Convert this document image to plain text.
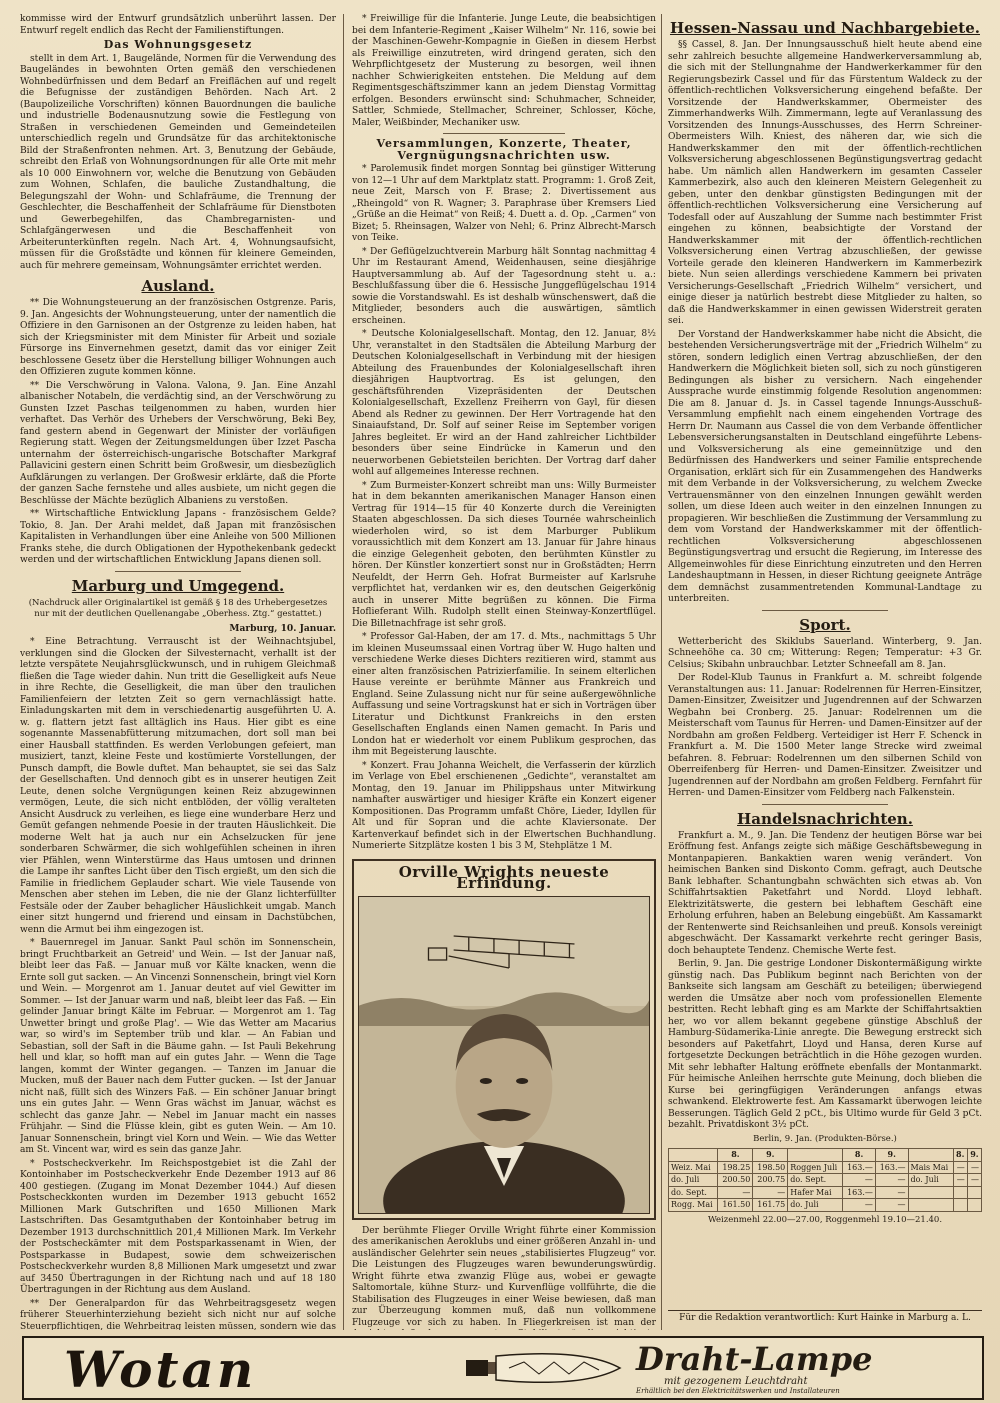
kommisse wird der Entwurf grundsätzlich unberührt lassen. Der Entwurf regelt endlich das Recht der Familienstiftungen.

Das Wohnungsgesetz

stellt in dem Art. 1, Baugelände, Normen für die Verwendung des Baugeländes in bewohnten Orten gemäß den verschiedenen Wohnbedürfnissen und dem Bedarf an Freiflächen auf und regelt die Befugnisse der zuständigen Behörden. Nach Art. 2 (Baupolizeiliche Vorschriften) können Bauordnungen die bauliche und industrielle Bodenausnutzung sowie die Festlegung von Straßen in verschiedenen Gemeinden und Gemeindeteilen unterschiedlich regeln und Grundsätze für das architektonische Bild der Straßenfronten nehmen. Art. 3, Benutzung der Gebäude, schreibt den Erlaß von Wohnungsordnungen für alle Orte mit mehr als 10 000 Einwohnern vor, welche die Benutzung von Gebäuden zum Wohnen, Schlafen, die bauliche Zustandhaltung, die Belegungszahl der Wohn- und Schlafräume, die Trennung der Geschlechter, die Beschaffenheit der Schlafräume für Dienstboten und Gewerbegehilfen, das Chambregarnisten- und Schlafgängerwesen und die Beschaffenheit von Arbeiterunterkünften regeln. Nach Art. 4, Wohnungsaufsicht, müssen für die Großstädte und können für kleinere Gemeinden, auch für mehrere gemeinsam, Wohnungsämter errichtet werden.

Ausland.

** Die Wohnungsteuerung an der französischen Ostgrenze. Paris, 9. Jan. Angesichts der Wohnungsteuerung, unter der namentlich die Offiziere in den Garnisonen an der Ostgrenze zu leiden haben, hat sich der Kriegsminister mit dem Minister für Arbeit und soziale Fürsorge ins Einvernehmen gesetzt, damit das vor einiger Zeit beschlossene Gesetz über die Herstellung billiger Wohnungen auch den Offizieren zugute kommen könne.

** Die Verschwörung in Valona. Valona, 9. Jan. Eine Anzahl albanischer Notabeln, die verdächtig sind, an der Verschwörung zu Gunsten Izzet Paschas teilgenommen zu haben, wurden hier verhaftet. Das Verhör des Urhebers der Verschwörung, Beki Bey, fand gestern abend in Gegenwart der Minister der vorläufigen Regierung statt. Wegen der Zeitungsmeldungen über Izzet Pascha unternahm der österreichisch-ungarische Botschafter Markgraf Pallavicini gestern einen Schritt beim Großwesir, um diesbezüglich Aufklärungen zu verlangen. Der Großwesir erklärte, daß die Pforte der ganzen Sache fernstehe und alles ausbiete, um nicht gegen die Beschlüsse der Mächte bezüglich Albaniens zu verstoßen.

** Wirtschaftliche Entwicklung Japans - französischem Gelde? Tokio, 8. Jan. Der Arahi meldet, daß Japan mit französischen Kapitalisten in Verhandlungen über eine Anleihe von 500 Millionen Franks stehe, die durch Obligationen der Hypothekenbank gedeckt werden und der wirtschaftlichen Entwicklung Japans dienen soll.

Marburg und Umgegend.
(Nachdruck aller Originalartikel ist gemäß § 18 des Urhebergesetzes nur mit der deutlichen Quellenangabe „Oberhess. Ztg.“ gestattet.)
Marburg, 10. Januar.

* Eine Betrachtung. Verrauscht ist der Weihnachtsjubel, verklungen sind die Glocken der Silvesternacht, verhallt ist der letzte verspätete Neujahrsglückwunsch, und in ruhigem Gleichmaß fließen die Tage wieder dahin. Nun tritt die Geselligkeit aufs Neue in ihre Rechte, die Geselligkeit, die man über den traulichen Familienfeiern der letzten Zeit so gern vernachlässigt hatte. Einladungskarten mit dem in verschiedenartig ausgeführten U. A. w. g. flattern jetzt fast alltäglich ins Haus. Hier gibt es eine sogenannte Massenabfütterung mitzumachen, dort soll man bei einer Hausball stattfinden. Es werden Verlobungen gefeiert, man musiziert, tanzt, kleine Feste und kostümierte Vorstellungen, der Punsch dampft, die Bowle duftet. Man behauptet, sie sei das Salz der Gesellschaften. Und dennoch gibt es in unserer heutigen Zeit Leute, denen solche Vergnügungen keinen Reiz abzugewinnen vermögen, Leute, die sich nicht entblöden, der völlig veralteten Ansicht Ausdruck zu verleihen, es liege eine wunderbare Herz und Gemüt gefangen nehmende Poesie in der trauten Häuslichkeit. Die moderne Welt hat ja auch nur ein Achselzucken für jene sonderbaren Schwärmer, die sich wohlgefühlen scheinen in ihren vier Pfählen, wenn Winterstürme das Haus umtosen und drinnen die Lampe ihr sanftes Licht über den Tisch ergießt, um den sich die Familie in friedlichem Geplauder schart. Wie viele Tausende von Menschen aber stehen im Leben, die nie der Glanz lichterfüllter Festsäle oder der Zauber behaglicher Häuslichkeit umgab. Manch einer sitzt hungernd und frierend und einsam in Dachstübchen, wenn die Armut bei ihm eingezogen ist.

* Bauernregel im Januar. Sankt Paul schön im Sonnenschein, bringt Fruchtbarkeit an Getreid' und Wein. — Ist der Januar naß, bleibt leer das Faß. — Januar muß vor Kälte knacken, wenn die Ernte soll gut sacken. — An Vincenzi Sonnenschein, bringt viel Korn und Wein. — Morgenrot am 1. Januar deutet auf viel Gewitter im Sommer. — Ist der Januar warm und naß, bleibt leer das Faß. — Ein gelinder Januar bringt Kälte im Februar. — Morgenrot am 1. Tag Unwetter bringt und große Plag'. — Wie das Wetter am Macarius war, so wird's im September trüb und klar. — An Fabian und Sebastian, soll der Saft in die Bäume gahn. — Ist Pauli Bekehrung hell und klar, so hofft man auf ein gutes Jahr. — Wenn die Tage langen, kommt der Winter gegangen. — Tanzen im Januar die Mucken, muß der Bauer nach dem Futter gucken. — Ist der Januar nicht naß, füllt sich des Winzers Faß. — Ein schöner Januar bringt uns ein gutes Jahr. — Wenn Gras wächst im Januar, wächst es schlecht das ganze Jahr. — Nebel im Januar macht ein nasses Frühjahr. — Sind die Flüsse klein, gibt es guten Wein. — Am 10. Januar Sonnenschein, bringt viel Korn und Wein. — Wie das Wetter am St. Vincent war, wird es sein das ganze Jahr.

* Postscheckverkehr. Im Reichspostgebiet ist die Zahl der Kontoinhaber im Postscheckverkehr Ende Dezember 1913 auf 86 400 gestiegen. (Zugang im Monat Dezember 1044.) Auf diesen Postscheckkonten wurden im Dezember 1913 gebucht 1652 Millionen Mark Gutschriften und 1650 Millionen Mark Lastschriften. Das Gesamtguthaben der Kontoinhaber betrug im Dezember 1913 durchschnittlich 201,4 Millionen Mark. Im Verkehr der Postscheckämter mit dem Postsparkassenamt in Wien, der Postsparkasse in Budapest, sowie dem schweizerischen Postscheckverkehr wurden 8,8 Millionen Mark umgesetzt und zwar auf 3450 Übertragungen in der Richtung nach und auf 18 180 Übertragungen in der Richtung aus dem Ausland.

** Der Generalpardon für das Wehrbeitragsgesetz wegen früherer Steuerhinterziehung bezieht sich nicht nur auf solche Steuerpflichtigen, die Wehrbeitrag leisten müssen, sondern wie das

* Freiwillige für die Infanterie. Junge Leute, die beabsichtigen bei dem Infanterie-Regiment „Kaiser Wilhelm“ Nr. 116, sowie bei der Maschinen-Gewehr-Kompagnie in Gießen in diesem Herbst als Freiwillige einzutreten, wird dringend geraten, sich den Wehrpflichtgesetz der Musterung zu besorgen, weil ihnen nachher Schwierigkeiten entstehen. Die Meldung auf dem Regimentsgeschäftszimmer kann an jedem Dienstag Vormittag erfolgen. Besonders erwünscht sind: Schuhmacher, Schneider, Sattler, Schmiede, Stellmacher, Schreiner, Schlosser, Köche, Maler, Weißbinder, Mechaniker usw.

Versammlungen, Konzerte, Theater, Vergnügungsnachrichten usw.

* Parolemusik findet morgen Sonntag bei günstiger Witterung von 12—1 Uhr auf dem Marktplatz statt. Programm: 1. Groß Zeit, neue Zeit, Marsch von F. Brase; 2. Divertissement aus „Rheingold“ von R. Wagner; 3. Paraphrase über Kremsers Lied „Grüße an die Heimat“ von Reiß; 4. Duett a. d. Op. „Carmen“ von Bizet; 5. Rheinsagen, Walzer von Nehl; 6. Prinz Albrecht-Marsch von Teike.

* Der Geflügelzuchtverein Marburg hält Sonntag nachmittag 4 Uhr im Restaurant Amend, Weidenhausen, seine diesjährige Hauptversammlung ab. Auf der Tagesordnung steht u. a.: Beschlußfassung über die 6. Hessische Junggeflügelschau 1914 sowie die Vorstandswahl. Es ist deshalb wünschenswert, daß die Mitglieder, besonders auch die auswärtigen, sämtlich erscheinen.

* Deutsche Kolonialgesellschaft. Montag, den 12. Januar, 8½ Uhr, veranstaltet in den Stadtsälen die Abteilung Marburg der Deutschen Kolonialgesellschaft in Verbindung mit der hiesigen Abteilung des Frauenbundes der Kolonialgesellschaft ihren diesjährigen Hauptvortrag. Es ist gelungen, den geschäftsführenden Vizepräsidenten der Deutschen Kolonialgesellschaft, Exzellenz Freiherrn von Gayl, für diesen Abend als Redner zu gewinnen. Der Herr Vortragende hat den Sinaiaufstand, Dr. Solf auf seiner Reise im September vorigen Jahres begleitet. Er wird an der Hand zahlreicher Lichtbilder besonders über seine Eindrücke in Kamerun und den neuerworbenen Gebietsteilen berichten. Der Vortrag darf daher wohl auf allgemeines Interesse rechnen.

* Zum Burmeister-Konzert schreibt man uns: Willy Burmeister hat in dem bekannten amerikanischen Manager Hanson einen Vertrag für 1914—15 für 40 Konzerte durch die Vereinigten Staaten abgeschlossen. Da sich dieses Tournée wahrscheinlich wiederholen wird, so ist dem Marburger Publikum voraussichtlich mit dem Konzert am 13. Januar für Jahre hinaus die einzige Gelegenheit geboten, den berühmten Künstler zu hören. Der Künstler konzertiert sonst nur in Großstädten; Herrn Neufeldt, der Herrn Geh. Hofrat Burmeister auf Karlsruhe verpflichtet hat, verdanken wir es, den deutschen Geigerkönig auch in unserer Mitte begrüßen zu können. Die Firma Hoflieferant Wilh. Rudolph stellt einen Steinway-Konzertflügel. Die Billetnachfrage ist sehr groß.

* Professor Gal-Haben, der am 17. d. Mts., nachmittags 5 Uhr im kleinen Museumssaal einen Vortrag über W. Hugo halten und verschiedene Werke dieses Dichters rezitieren wird, stammt aus einer alten französischen Patrizierfamilie. In seinem elterlichen Hause vereinte er berühmte Männer aus Frankreich und England. Seine Zulassung nicht nur für seine außergewöhnliche Auffassung und seine Vortragskunst hat er sich in Vorträgen über Literatur und Dichtkunst Frankreichs in den ersten Gesellschaften Englands einen Namen gemacht. In Paris und London hat er wiederholt vor einem Publikum gesprochen, das ihm mit Begeisterung lauschte.

* Konzert. Frau Johanna Weichelt, die Verfasserin der kürzlich im Verlage von Ebel erschienenen „Gedichte“, veranstaltet am Montag, den 19. Januar im Philippshaus unter Mitwirkung namhafter auswärtiger und hiesiger Kräfte ein Konzert eigener Kompositionen. Das Programm umfaßt Chöre, Lieder, Idyllen für Alt und für Sopran und die achte Klaviersonate. Der Kartenverkauf befindet sich in der Elwertschen Buchhandlung. Numerierte Sitzplätze kosten 1 bis 3 M, Stehplätze 1 M.

Orville Wrights neueste Erfindung.

Der berühmte Flieger Orville Wright führte einer Kommission des amerikanischen Aeroklubs und einer größeren Anzahl in- und ausländischer Gelehrter sein neues „stabilisiertes Flugzeug“ vor. Die Leistungen des Flugzeuges waren bewunderungswürdig. Wright führte etwa zwanzig Flüge aus, wobei er gewagte Saltomortale, kühne Sturz- und Kurvenflüge vollführte, die die Stabilisation des Flugzeuges in einer Weise bewiesen, daß man zur Überzeugung kommen muß, daß nun vollkommene Flugzeuge vor sich zu haben. In Fliegerkreisen ist man der

Hessen-Nassau und Nachbargebiete.

§§ Cassel, 8. Jan. Der Innungsausschuß hielt heute abend eine sehr zahlreich besuchte allgemeine Handwerkerversammlung ab, die sich mit der Stellungnahme der Handwerkerkammer für den Regierungsbezirk Cassel und für das Fürstentum Waldeck zu der öffentlich-rechtlichen Volksversicherung eingehend befaßte. Der Vorsitzende der Handwerkskammer, Obermeister des Zimmerhandwerks Wilh. Zimmermann, legte auf Veranlassung des Vorsitzenden des Innungs-Ausschusses, des Herrn Schreiner-Obermeisters Wilh. Kniest, des näheren dar, wie sich die Handwerkskammer den mit der öffentlich-rechtlichen Volksversicherung abgeschlossenen Begünstigungsvertrag gedacht habe. Um nämlich allen Handwerkern im gesamten Casseler Kammerbezirk, also auch den kleineren Meistern Gelegenheit zu geben, unter den denkbar günstigsten Bedingungen mit der öffentlich-rechtlichen Volksversicherung eine Versicherung auf Todesfall oder auf Auszahlung der Summe nach bestimmter Frist eingehen zu können, beabsichtigte der Vorstand der Handwerkskammer mit der öffentlich-rechtlichen Volksversicherung einen Vertrag abzuschließen, der gewisse Vorteile gerade den kleineren Handwerkern im Kammerbezirk biete. Nun seien allerdings verschiedene Kammern bei privaten Versicherungs-Gesellschaft „Friedrich Wilhelm“ versichert, und einige dieser ja natürlich bestrebt diese Mitglieder zu halten, so daß die Handwerkskammer in einen gewissen Widerstreit geraten sei.

Der Vorstand der Handwerkskammer habe nicht die Absicht, die bestehenden Versicherungsverträge mit der „Friedrich Wilhelm“ zu stören, sondern lediglich einen Vertrag abzuschließen, der den Handwerkern die Möglichkeit bieten soll, sich zu noch günstigeren Bedingungen als bisher zu versichern. Nach eingehender Aussprache wurde einstimmig folgende Resolution angenommen: Die am 8. Januar d. Js. in Cassel tagende Innungs-Ausschuß-Versammlung empfiehlt nach einem eingehenden Vortrage des Herrn Dr. Naumann aus Cassel die von dem Verbande öffentlicher Lebensversicherungsanstalten in Deutschland eingeführte Lebens- und Volksversicherung als eine gemeinnützige und den Bedürfnissen des Handwerkers und seiner Familie entsprechende Organisation, erklärt sich für ein Zusammengehen des Handwerks mit dem Verbande in der Volksversicherung, zu welchem Zwecke Vertrauensmänner von den einzelnen Innungen gewählt werden sollen, um diese Ideen auch weiter in den einzelnen Innungen zu propagieren. Wir beschließen die Zustimmung der Versammlung zu dem vom Vorstand der Handwerkskammer mit der öffentlich-rechtlichen Volksversicherung abgeschlossenen Begünstigungsvertrag und ersucht die Regierung, im Interesse des Allgemeinwohles für diese Einrichtung einzutreten und den Herren Landeshauptmann in Hessen, in dieser Richtung geeignete Anträge dem demnächst zusammentretenden Kommunal-Landtage zu unterbreiten.

Sport.

Wetterbericht des Skiklubs Sauerland. Winterberg, 9. Jan. Schneehöhe ca. 30 cm; Witterung: Regen; Temperatur: +3 Gr. Celsius; Skibahn unbrauchbar. Letzter Schneefall am 8. Jan.

Der Rodel-Klub Taunus in Frankfurt a. M. schreibt folgende Veranstaltungen aus: 11. Januar: Rodelrennen für Herren-Einsitzer, Damen-Einsitzer, Zweisitzer und Jugendrennen auf der Schwarzen Wegbahn bei Cronberg. 25. Januar: Rodelrennen um die Meisterschaft vom Taunus für Herren- und Damen-Einsitzer auf der Nordbahn am großen Feldberg. Verteidiger ist Herr F. Schenck in Frankfurt a. M. Die 1500 Meter lange Strecke wird zweimal befahren. 8. Februar: Rodelrennen um den silbernen Schild von Oberreifenberg für Herren- und Damen-Einsitzer. Zweisitzer und Jugendrennen auf der Nordbahn am großen Feldberg. Fernfahrt für Herren- und Damen-Einsitzer vom Feldberg nach Falkenstein.

Handelsnachrichten.

Frankfurt a. M., 9. Jan. Die Tendenz der heutigen Börse war bei Eröffnung fest. Anfangs zeigte sich mäßige Geschäftsbewegung in Montanpapieren. Bankaktien waren wenig verändert. Von heimischen Banken sind Diskonto Comm. gefragt, auch Deutsche Bank lebhafter. Schantungbahn schwächten sich etwas ab. Von Schiffahrtsaktien Paketfahrt und Nordd. Lloyd lebhaft. Elektrizitätswerte, die gestern bei lebhaftem Geschäft eine Erholung erfuhren, haben an Belebung eingebüßt. Am Kassamarkt der Rentenwerte sind Reichsanleihen und preuß. Konsols vereinigt abgeschwächt. Der Kassamarkt verkehrte recht geringer Basis, doch behauptete Tendenz. Chemische Werte fest.

Berlin, 9. Jan. Die gestrige Londoner Diskontermäßigung wirkte günstig nach. Das Publikum beginnt nach Berichten von der Bankseite sich langsam am Geschäft zu beteiligen; überwiegend werden die Umsätze aber noch vom professionellen Elemente bestritten. Recht lebhaft ging es am Markte der Schiffahrtsaktien her, wo vor allem bekannt gegebene günstige Abschluß der Hamburg-Südamerika-Linie anregte. Die Bewegung erstreckt sich besonders auf Paketfahrt, Lloyd und Hansa, deren Kurse auf fortgesetzte Deckungen beträchtlich in die Höhe gezogen wurden. Mit sehr lebhafter Haltung eröffnete ebenfalls der Montanmarkt. Für heimische Anleihen herrschte gute Meinung, doch blieben die Kurse bei geringfügigen Veränderungen anfangs etwas schwankend. Elektrowerte fest. Am Kassamarkt überwogen leichte Besserungen. Täglich Geld 2 pCt., bis Ultimo wurde für Geld 3 pCt. bezahlt. Privatdiskont 3½ pCt.

Berlin, 9. Jan. (Produkten-Börse.)
	8.	9.		8.	9.		8.	9.
Weiz. Mai	198.25	198.50	Roggen Juli	163.—	163.—	Mais Mai	—	—
do. Juli	200.50	200.75	do. Sept.	—	—	do. Juli	—	—
do. Sept.	—	—	Hafer Mai	163.—	—			
Rogg. Mai	161.50	161.75	do. Juli	—	—			
Weizenmehl 22.00—27.00, Roggenmehl 19.10—21.40.
Für die Redaktion verantwortlich: Kurt Hainke in Marburg a. L.
Wotan	Draht-Lampe
mit gezogenem Leuchtdraht
Erhältlich bei den Elektricitätswerken und Installateuren
